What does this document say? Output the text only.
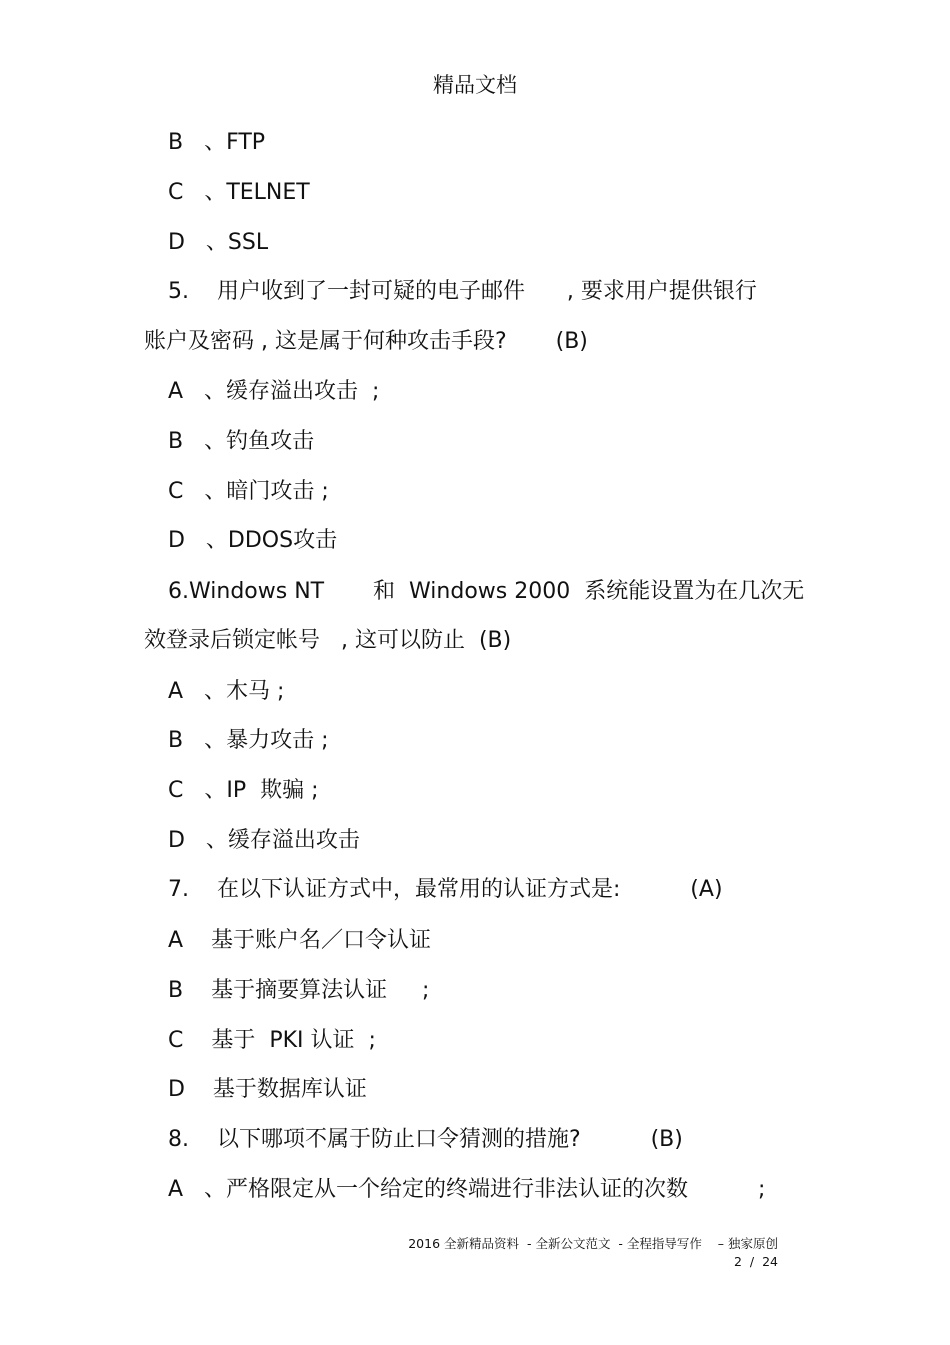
精品文档
B   、FTP
C   、TELNET
D   、SSL
5.    用户收到了一封可疑的电子邮件      , 要求用户提供银行
账户及密码 , 这是属于何种攻击手段?       (B)
A   、缓存溢出攻击  ;
B   、钓鱼攻击
C   、暗门攻击 ;
D   、DDOS攻击
6.Windows NT       和  Windows 2000  系统能设置为在几次无
效登录后锁定帐号   , 这可以防止  (B)
A   、木马 ;
B   、暴力攻击 ;
C   、IP  欺骗 ;
D   、缓存溢出攻击
7.    在以下认证方式中，最常用的认证方式是:          (A)
A    基于账户名／口令认证
B    基于摘要算法认证     ;
C    基于  PKI 认证  ;
D    基于数据库认证
8.    以下哪项不属于防止口令猜测的措施?          (B)
A   、严格限定从一个给定的终端进行非法认证的次数          ;
2016 全新精品资料  - 全新公文范文  - 全程指导写作    – 独家原创
2  /  24
